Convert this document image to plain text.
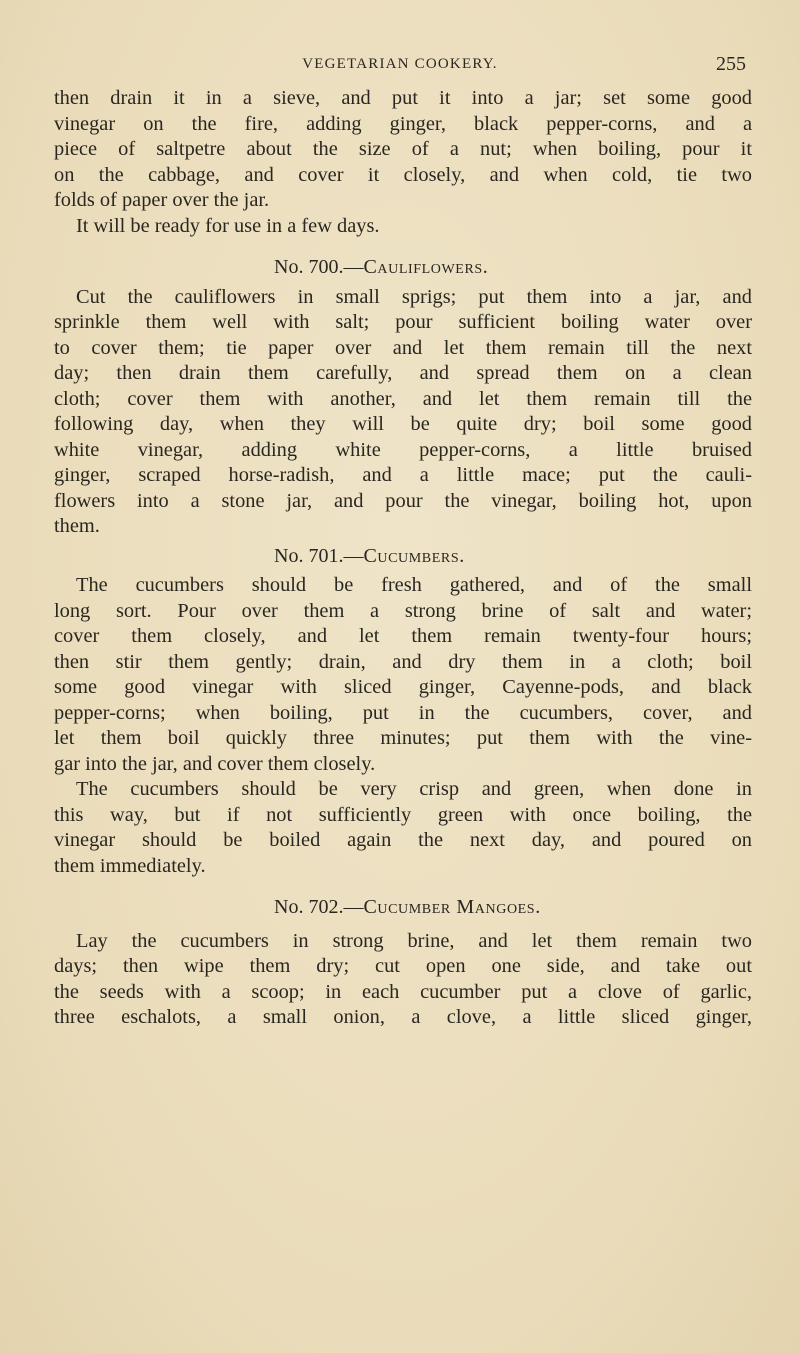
VEGETARIAN COOKERY.	255

then drain it in a sieve, and put it into a jar; set some good

vinegar on the fire, adding ginger, black pepper-corns, and a

piece of saltpetre about the size of a nut; when boiling, pour it

on the cabbage, and cover it closely, and when cold, tie two

folds of paper over the jar.

It will be ready for use in a few days.

No. 700.—Cauliflowers.

Cut the cauliflowers in small sprigs; put them into a jar, and

sprinkle them well with salt; pour sufficient boiling water over

to cover them; tie paper over and let them remain till the next

day; then drain them carefully, and spread them on a clean

cloth; cover them with another, and let them remain till the

following day, when they will be quite dry; boil some good

white vinegar, adding white pepper-corns, a little bruised

ginger, scraped horse-radish, and a little mace; put the cauli-

flowers into a stone jar, and pour the vinegar, boiling hot, upon

them.

No. 701.—Cucumbers.

The cucumbers should be fresh gathered, and of the small

long sort. Pour over them a strong brine of salt and water;

cover them closely, and let them remain twenty-four hours;

then stir them gently; drain, and dry them in a cloth; boil

some good vinegar with sliced ginger, Cayenne-pods, and black

pepper-corns; when boiling, put in the cucumbers, cover, and

let them boil quickly three minutes; put them with the vine-

gar into the jar, and cover them closely.

The cucumbers should be very crisp and green, when done in

this way, but if not sufficiently green with once boiling, the

vinegar should be boiled again the next day, and poured on

them immediately.

No. 702.—Cucumber Mangoes.

Lay the cucumbers in strong brine, and let them remain two

days; then wipe them dry; cut open one side, and take out

the seeds with a scoop; in each cucumber put a clove of garlic,

three eschalots, a small onion, a clove, a little sliced ginger,
